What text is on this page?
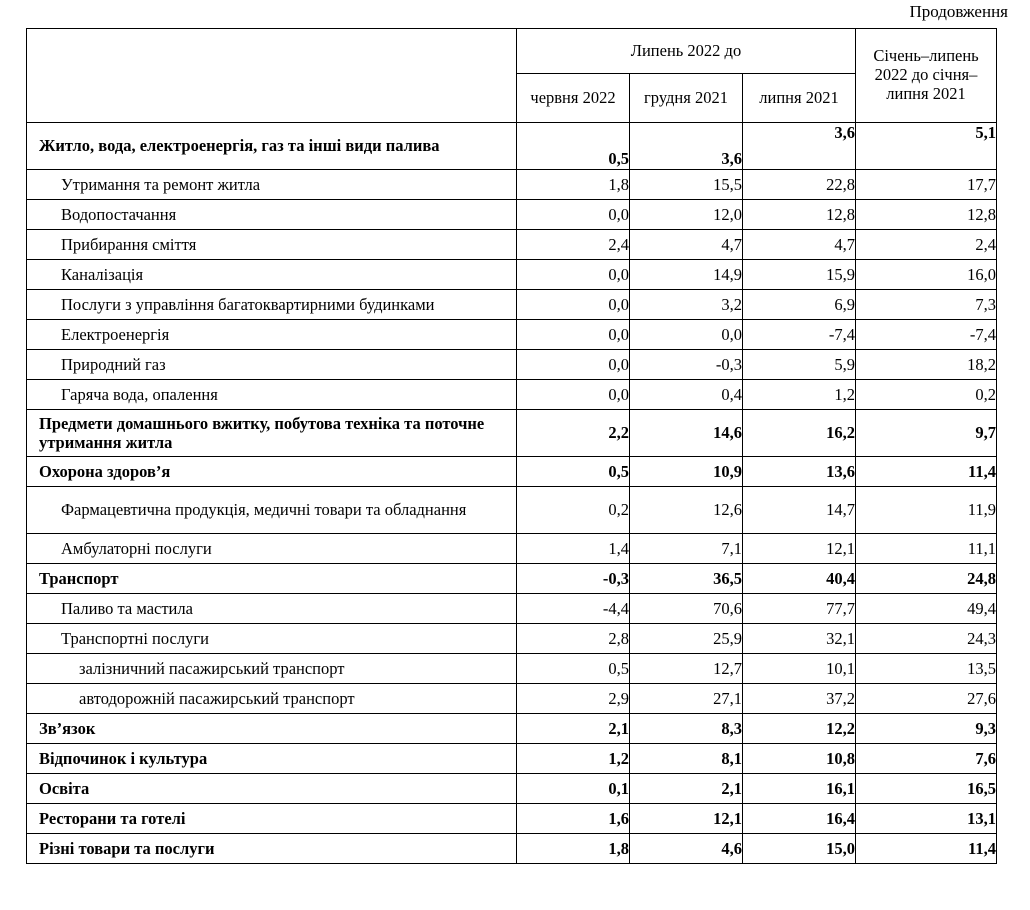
Продовження
	Липень 2022 до			Січень–липень 2022 до січня–липня 2021
	червня 2022	грудня 2021	липня 2021	
Житло, вода, електроенергія, газ та інші види палива	0,5	3,6	3,6	5,1
Утримання та ремонт житла	1,8	15,5	22,8	17,7
Водопостачання	0,0	12,0	12,8	12,8
Прибирання сміття	2,4	4,7	4,7	2,4
Каналізація	0,0	14,9	15,9	16,0
Послуги з управління багатоквартирними будинками	0,0	3,2	6,9	7,3
Електроенергія	0,0	0,0	-7,4	-7,4
Природний газ	0,0	-0,3	5,9	18,2
Гаряча вода, опалення	0,0	0,4	1,2	0,2
Предмети домашнього вжитку, побутова техніка та поточне утримання житла	2,2	14,6	16,2	9,7
Охорона здоров’я	0,5	10,9	13,6	11,4
Фармацевтична продукція, медичні товари та обладнання	0,2	12,6	14,7	11,9
Амбулаторні послуги	1,4	7,1	12,1	11,1
Транспорт	-0,3	36,5	40,4	24,8
Паливо та мастила	-4,4	70,6	77,7	49,4
Транспортні послуги	2,8	25,9	32,1	24,3
залізничний пасажирський транспорт	0,5	12,7	10,1	13,5
автодорожній пасажирський транспорт	2,9	27,1	37,2	27,6
Зв’язок	2,1	8,3	12,2	9,3
Відпочинок і культура	1,2	8,1	10,8	7,6
Освіта	0,1	2,1	16,1	16,5
Ресторани та готелі	1,6	12,1	16,4	13,1
Різні товари та послуги	1,8	4,6	15,0	11,4
